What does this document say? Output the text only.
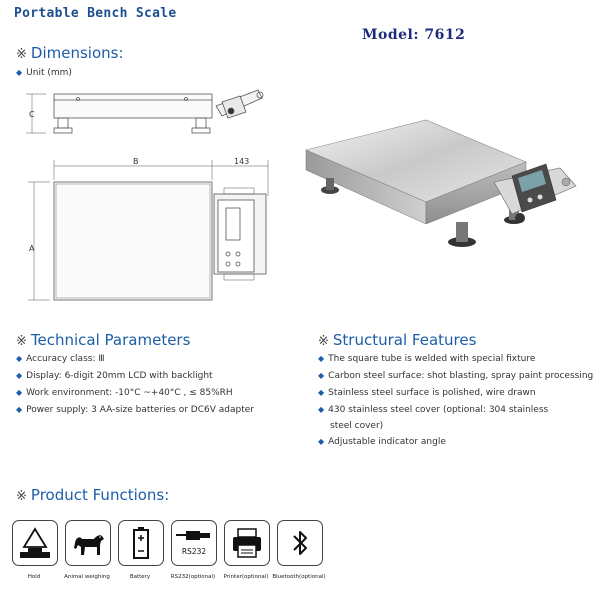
Portable Bench Scale
Model: 7612
※ Dimensions:
◆ Unit (mm)
C
B	143
A
※ Technical Parameters
◆ Accuracy class: Ⅲ
◆ Display: 6-digit 20mm LCD with backlight
◆ Work environment: -10°C ~+40°C , ≤ 85%RH
◆ Power supply: 3 AA-size batteries or DC6V adapter
※ Structural Features
◆ The square tube is welded with special fixture
◆ Carbon steel surface: shot blasting, spray paint processing
◆ Stainless steel surface is polished, wire drawn
◆ 430 stainless steel cover (optional: 304 stainless
steel cover)
◆ Adjustable indicator angle
※ Product Functions:
Hold	Animal weighing	Battery
RS232
RS232(optional)	Printer(optional) Bluetooth(optional)
